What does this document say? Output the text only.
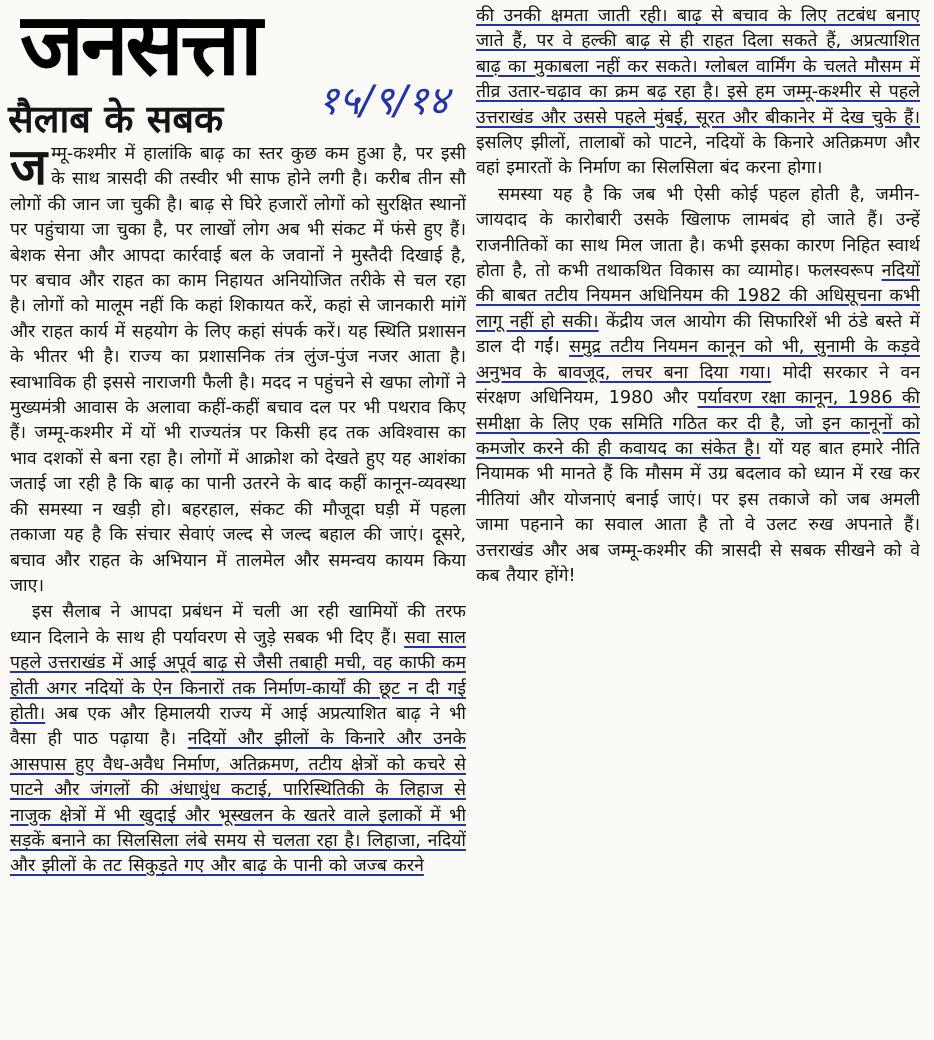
जनसत्ता
१५/९/१४
सैलाब के सबक

जम्मू-कश्मीर में हालांकि बाढ़ का स्तर कुछ कम हुआ है, पर इसी के साथ त्रासदी की तस्वीर भी साफ होने लगी है। करीब तीन सौ लोगों की जान जा चुकी है। बाढ़ से घिरे हजारों लोगों को सुरक्षित स्थानों पर पहुंचाया जा चुका है, पर लाखों लोग अब भी संकट में फंसे हुए हैं। बेशक सेना और आपदा कार्रवाई बल के जवानों ने मुस्तैदी दिखाई है, पर बचाव और राहत का काम निहायत अनियोजित तरीके से चल रहा है। लोगों को मालूम नहीं कि कहां शिकायत करें, कहां से जानकारी मांगें और राहत कार्य में सहयोग के लिए कहां संपर्क करें। यह स्थिति प्रशासन के भीतर भी है। राज्य का प्रशासनिक तंत्र लुंज-पुंज नजर आता है। स्वाभाविक ही इससे नाराजगी फैली है। मदद न पहुंचने से खफा लोगों ने मुख्यमंत्री आवास के अलावा कहीं-कहीं बचाव दल पर भी पथराव किए हैं। जम्मू-कश्मीर में यों भी राज्यतंत्र पर किसी हद तक अविश्वास का भाव दशकों से बना रहा है। लोगों में आक्रोश को देखते हुए यह आशंका जताई जा रही है कि बाढ़ का पानी उतरने के बाद कहीं कानून-व्यवस्था की समस्या न खड़ी हो। बहरहाल, संकट की मौजूदा घड़ी में पहला तकाजा यह है कि संचार सेवाएं जल्द से जल्द बहाल की जाएं। दूसरे, बचाव और राहत के अभियान में तालमेल और समन्वय कायम किया जाए।

इस सैलाब ने आपदा प्रबंधन में चली आ रही खामियों की तरफ ध्यान दिलाने के साथ ही पर्यावरण से जुड़े सबक भी दिए हैं। सवा साल पहले उत्तराखंड में आई अपूर्व बाढ़ से जैसी तबाही मची, वह काफी कम होती अगर नदियों के ऐन किनारों तक निर्माण-कार्यों की छूट न दी गई होती। अब एक और हिमालयी राज्य में आई अप्रत्याशित बाढ़ ने भी वैसा ही पाठ पढ़ाया है। नदियों और झीलों के किनारे और उनके आसपास हुए वैध-अवैध निर्माण, अतिक्रमण, तटीय क्षेत्रों को कचरे से पाटने और जंगलों की अंधाधुंध कटाई, पारिस्थितिकी के लिहाज से नाजुक क्षेत्रों में भी खुदाई और भूस्खलन के खतरे वाले इलाकों में भी सड़कें बनाने का सिलसिला लंबे समय से चलता रहा है। लिहाजा, नदियों और झीलों के तट सिकुड़ते गए और बाढ़ के पानी को जज्ब करने

की उनकी क्षमता जाती रही। बाढ़ से बचाव के लिए तटबंध बनाए जाते हैं, पर वे हल्की बाढ़ से ही राहत दिला सकते हैं, अप्रत्याशित बाढ़ का मुकाबला नहीं कर सकते। ग्लोबल वार्मिंग के चलते मौसम में तीव्र उतार-चढ़ाव का क्रम बढ़ रहा है। इसे हम जम्मू-कश्मीर से पहले उत्तराखंड और उससे पहले मुंबई, सूरत और बीकानेर में देख चुके हैं। इसलिए झीलों, तालाबों को पाटने, नदियों के किनारे अतिक्रमण और वहां इमारतों के निर्माण का सिलसिला बंद करना होगा।

समस्या यह है कि जब भी ऐसी कोई पहल होती है, जमीन-जायदाद के कारोबारी उसके खिलाफ लामबंद हो जाते हैं। उन्हें राजनीतिकों का साथ मिल जाता है। कभी इसका कारण निहित स्वार्थ होता है, तो कभी तथाकथित विकास का व्यामोह। फलस्वरूप नदियों की बाबत तटीय नियमन अधिनियम की 1982 की अधिसूचना कभी लागू नहीं हो सकी। केंद्रीय जल आयोग की सिफारिशें भी ठंडे बस्ते में डाल दी गईं। समुद्र तटीय नियमन कानून को भी, सुनामी के कड़वे अनुभव के बावजूद, लचर बना दिया गया। मोदी सरकार ने वन संरक्षण अधिनियम, 1980 और पर्यावरण रक्षा कानून, 1986 की समीक्षा के लिए एक समिति गठित कर दी है, जो इन कानूनों को कमजोर करने की ही कवायद का संकेत है। यों यह बात हमारे नीति नियामक भी मानते हैं कि मौसम में उग्र बदलाव को ध्यान में रख कर नीतियां और योजनाएं बनाई जाएं। पर इस तकाजे को जब अमली जामा पहनाने का सवाल आता है तो वे उलट रुख अपनाते हैं। उत्तराखंड और अब जम्मू-कश्मीर की त्रासदी से सबक सीखने को वे कब तैयार होंगे!
